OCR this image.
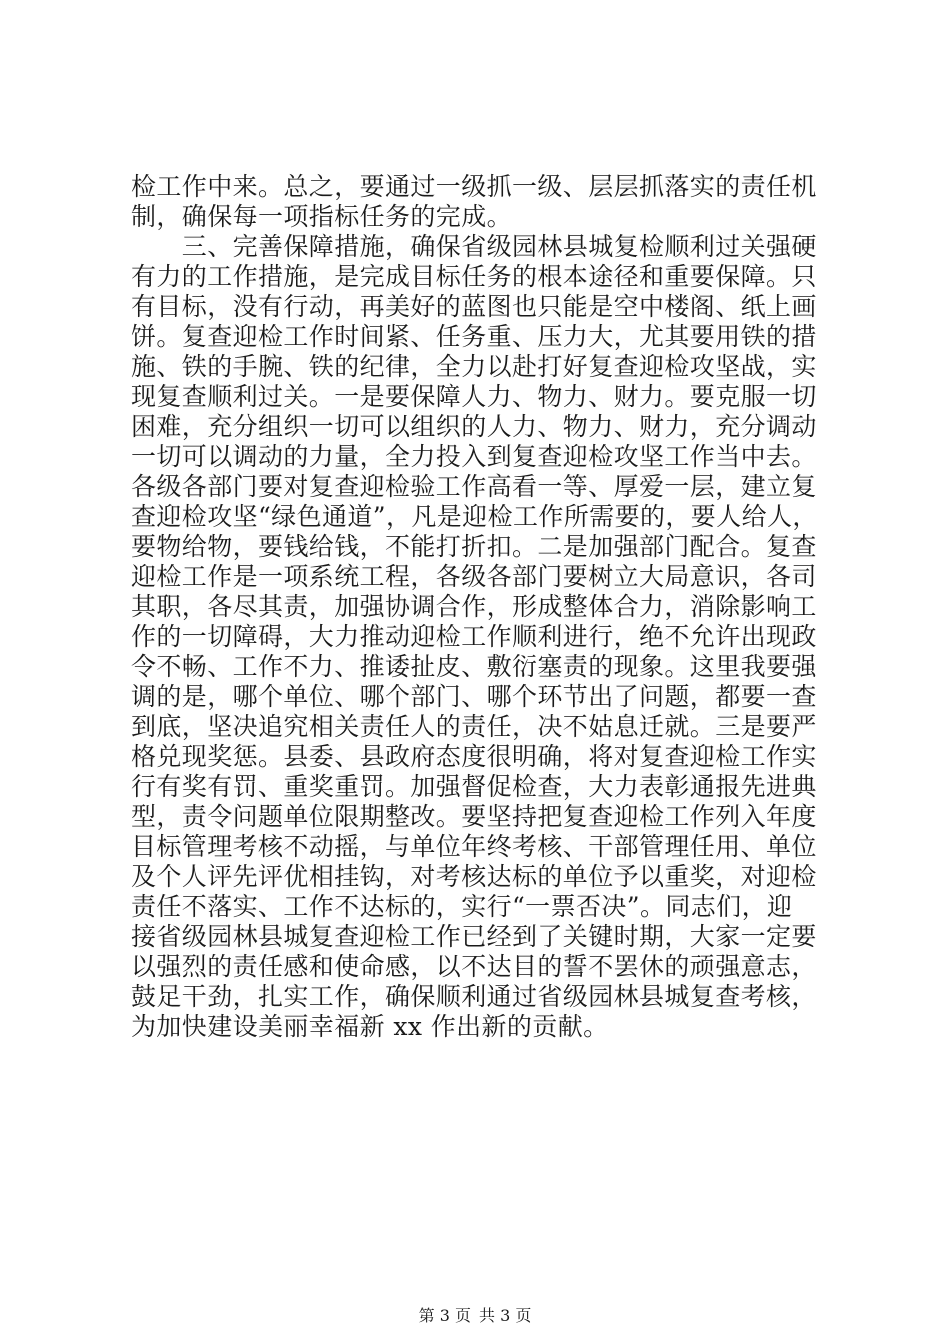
检工作中来。总之，要通过一级抓一级、层层抓落实的责任机
制，确保每一项指标任务的完成。
　　三、完善保障措施，确保省级园林县城复检顺利过关强硬
有力的工作措施，是完成目标任务的根本途径和重要保障。只
有目标，没有行动，再美好的蓝图也只能是空中楼阁、纸上画
饼。复查迎检工作时间紧、任务重、压力大，尤其要用铁的措
施、铁的手腕、铁的纪律，全力以赴打好复查迎检攻坚战，实
现复查顺利过关。一是要保障人力、物力、财力。要克服一切
困难，充分组织一切可以组织的人力、物力、财力，充分调动
一切可以调动的力量，全力投入到复查迎检攻坚工作当中去。
各级各部门要对复查迎检验工作高看一等、厚爱一层，建立复
查迎检攻坚“绿色通道”，凡是迎检工作所需要的，要人给人，
要物给物，要钱给钱，不能打折扣。二是加强部门配合。复查
迎检工作是一项系统工程，各级各部门要树立大局意识，各司
其职，各尽其责，加强协调合作，形成整体合力，消除影响工
作的一切障碍，大力推动迎检工作顺利进行，绝不允许出现政
令不畅、工作不力、推诿扯皮、敷衍塞责的现象。这里我要强
调的是，哪个单位、哪个部门、哪个环节出了问题，都要一查
到底，坚决追究相关责任人的责任，决不姑息迁就。三是要严
格兑现奖惩。县委、县政府态度很明确，将对复查迎检工作实
行有奖有罚、重奖重罚。加强督促检查，大力表彰通报先进典
型，责令问题单位限期整改。要坚持把复查迎检工作列入年度
目标管理考核不动摇，与单位年终考核、干部管理任用、单位
及个人评先评优相挂钩，对考核达标的单位予以重奖，对迎检
责任不落实、工作不达标的，实行“一票否决”。同志们，迎
接省级园林县城复查迎检工作已经到了关键时期，大家一定要
以强烈的责任感和使命感，以不达目的誓不罢休的顽强意志，
鼓足干劲，扎实工作，确保顺利通过省级园林县城复查考核，
为加快建设美丽幸福新 xx 作出新的贡献。
第 3 页 共 3 页
